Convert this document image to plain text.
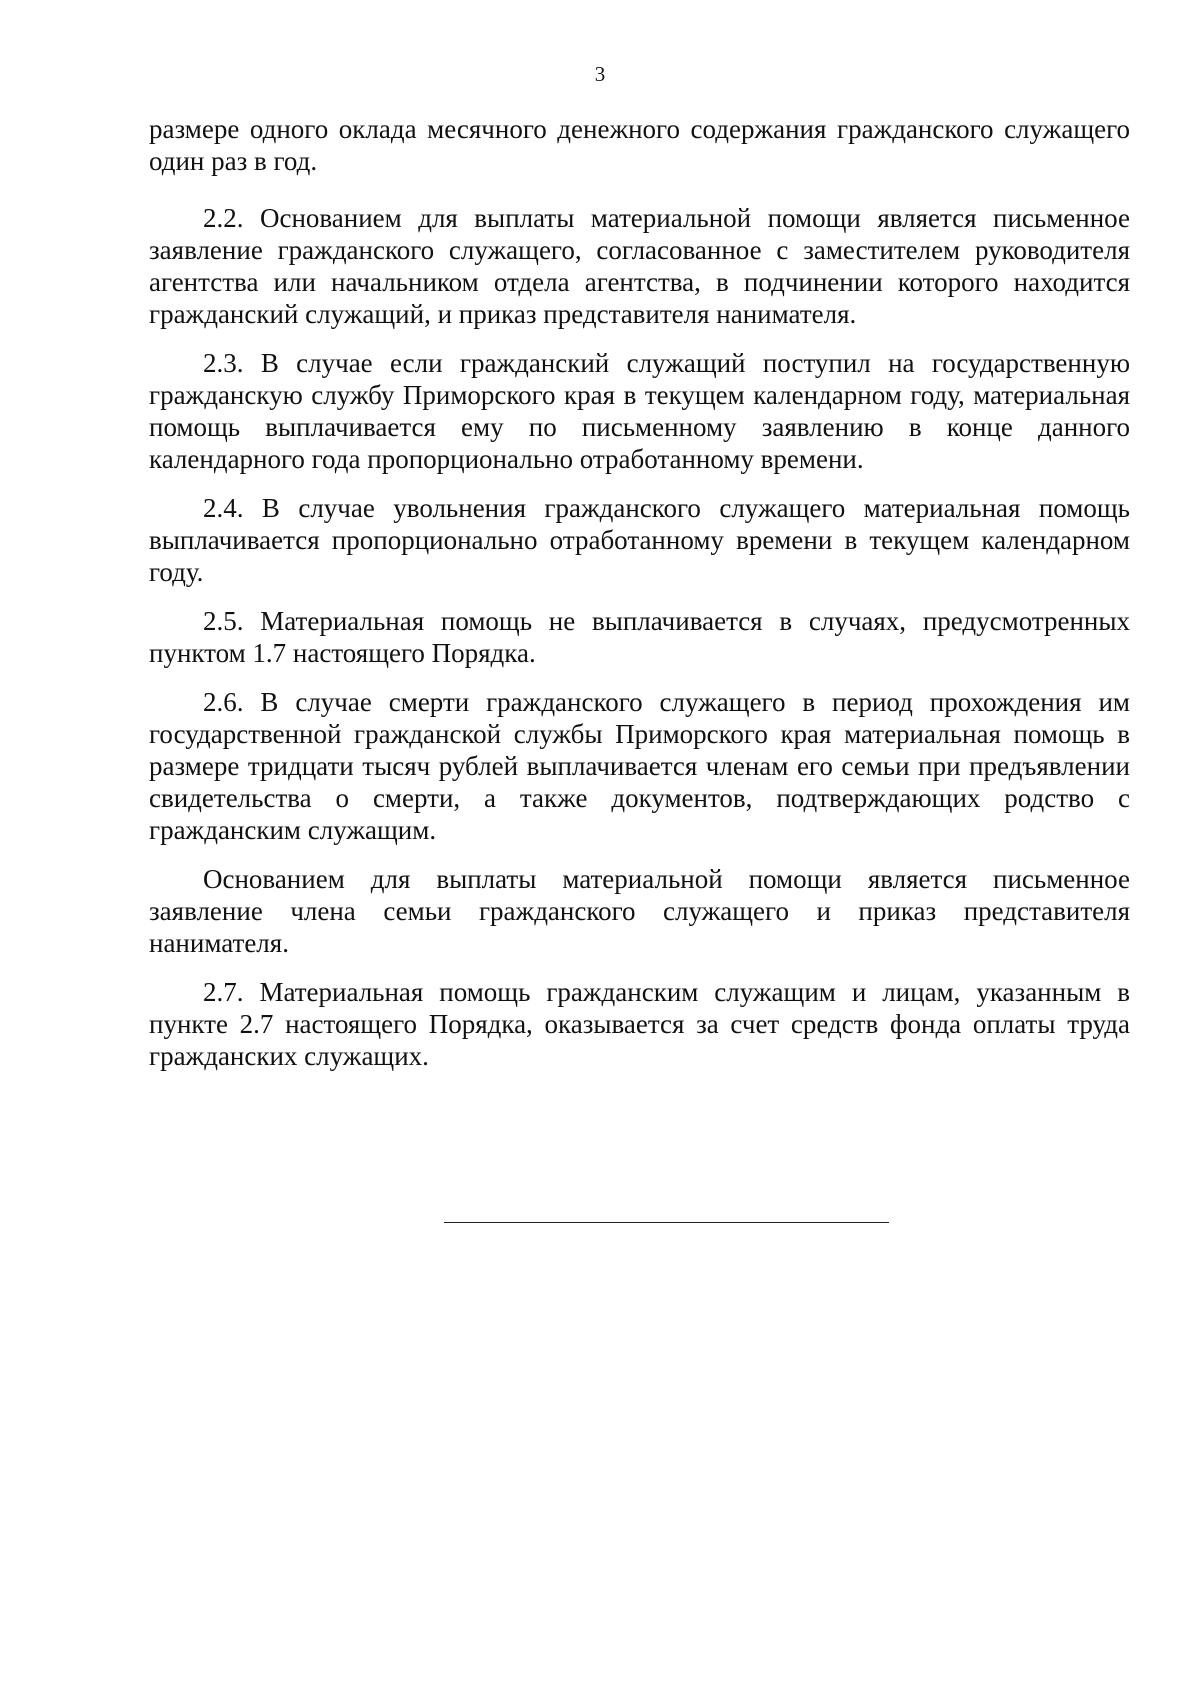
3

размере одного оклада месячного денежного содержания гражданского служащего один раз в год.

2.2. Основанием для выплаты материальной помощи является письменное заявление гражданского служащего, согласованное с заместителем руководителя агентства или начальником отдела агентства, в подчинении которого находится гражданский служащий, и приказ представителя нанимателя.

2.3. В случае если гражданский служащий поступил на государственную гражданскую службу Приморского края в текущем календарном году, материальная помощь выплачивается ему по письменному заявлению в конце данного календарного года пропорционально отработанному времени.

2.4. В случае увольнения гражданского служащего материальная помощь выплачивается пропорционально отработанному времени в текущем календарном году.

2.5. Материальная помощь не выплачивается в случаях, предусмотренных пунктом 1.7 настоящего Порядка.

2.6. В случае смерти гражданского служащего в период прохождения им государственной гражданской службы Приморского края материальная помощь в размере тридцати тысяч рублей выплачивается членам его семьи при предъявлении свидетельства о смерти, а также документов, подтверждающих родство с гражданским служащим.

Основанием для выплаты материальной помощи является письменное заявление члена семьи гражданского служащего и приказ представителя нанимателя.

2.7. Материальная помощь гражданским служащим и лицам, указанным в пункте 2.7 настоящего Порядка, оказывается за счет средств фонда оплаты труда гражданских служащих.
